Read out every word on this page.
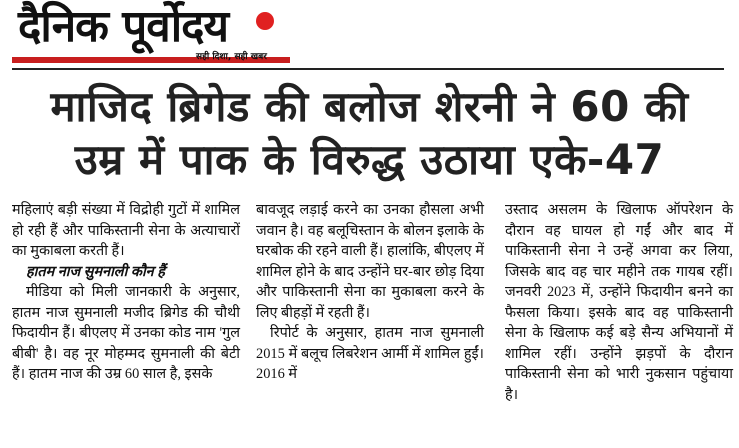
दैनिक पूर्वोदय
सही दिशा, सही खबर
माजिद ब्रिगेड की बलोज शेरनी ने 60 की
उम्र में पाक के विरुद्ध उठाया एके-47

महिलाएं बड़ी संख्या में विद्रोही गुटों में शामिल हो रही हैं और पाकिस्तानी सेना के अत्याचारों का मुकाबला करती हैं।

हातम नाज सुमनाली कौन हैं

मीडिया को मिली जानकारी के अनुसार, हातम नाज सुमनाली मजीद ब्रिगेड की चौथी फिदायीन हैं। बीएलए में उनका कोड नाम 'गुल बीबी' है। वह नूर मोहम्मद सुमनाली की बेटी हैं। हातम नाज की उम्र 60 साल है, इसके

बावजूद लड़ाई करने का उनका हौसला अभी जवान है। वह बलूचिस्तान के बोलन इलाके के घरबोक की रहने वाली हैं। हालांकि, बीएलए में शामिल होने के बाद उन्होंने घर-बार छोड़ दिया और पाकिस्तानी सेना का मुकाबला करने के लिए बीहड़ों में रहती हैं।

रिपोर्ट के अनुसार, हातम नाज सुमनाली 2015 में बलूच लिबरेशन आर्मी में शामिल हुईं। 2016 में

उस्ताद असलम के खिलाफ ऑपरेशन के दौरान वह घायल हो गईं और बाद में पाकिस्तानी सेना ने उन्हें अगवा कर लिया, जिसके बाद वह चार महीने तक गायब रहीं। जनवरी 2023 में, उन्होंने फिदायीन बनने का फैसला किया। इसके बाद वह पाकिस्तानी सेना के खिलाफ कई बड़े सैन्य अभियानों में शामिल रहीं। उन्होंने झड़पों के दौरान पाकिस्तानी सेना को भारी नुकसान पहुंचाया है।
